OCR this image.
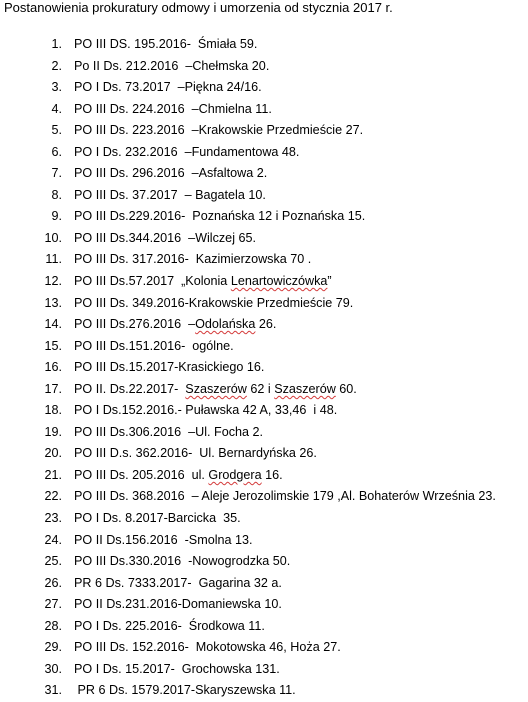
Postanowienia prokuratury odmowy i umorzenia od stycznia 2017 r.
1. PO III DS. 195.2016-  Śmiała 59.
2. Po II Ds. 212.2016  –Chełmska 20.
3. PO I Ds. 73.2017  –Piękna 24/16.
4. PO III Ds. 224.2016  –Chmielna 11.
5. PO III Ds. 223.2016  –Krakowskie Przedmieście 27.
6. PO I Ds. 232.2016  –Fundamentowa 48.
7. PO III Ds. 296.2016  –Asfaltowa 2.
8. PO III Ds. 37.2017  – Bagatela 10.
9. PO III Ds.229.2016-  Poznańska 12 i Poznańska 15.
10. PO III Ds.344.2016  –Wilczej 65.
11. PO III Ds. 317.2016-  Kazimierzowska 70 .
12. PO III Ds.57.2017  „Kolonia Lenartowiczówka”
13. PO III Ds. 349.2016-Krakowskie Przedmieście 79.
14. PO III Ds.276.2016  –Odolańska 26.
15. PO III Ds.151.2016-  ogólne.
16. PO III Ds.15.2017-Krasickiego 16.
17. PO II. Ds.22.2017-  Szaszerów 62 i Szaszerów 60.
18. PO I Ds.152.2016.- Puławska 42 A, 33,46  i 48.
19. PO III Ds.306.2016  –Ul. Focha 2.
20. PO III D.s. 362.2016-  Ul. Bernardyńska 26.
21. PO III Ds. 205.2016  ul. Grodgera 16.
22. PO III Ds. 368.2016  – Aleje Jerozolimskie 179 ,Al. Bohaterów Września 23.
23. PO I Ds. 8.2017-Barcicka  35.
24. PO II Ds.156.2016  -Smolna 13.
25. PO III Ds.330.2016  -Nowogrodzka 50.
26. PR 6 Ds. 7333.2017-  Gagarina 32 a.
27. PO II Ds.231.2016-Domaniewska 10.
28. PO I Ds. 225.2016-  Środkowa 11.
29. PO III Ds. 152.2016-  Mokotowska 46, Hoża 27.
30. PO I Ds. 15.2017-  Grochowska 131.
31. PR 6 Ds. 1579.2017-Skaryszewska 11.
